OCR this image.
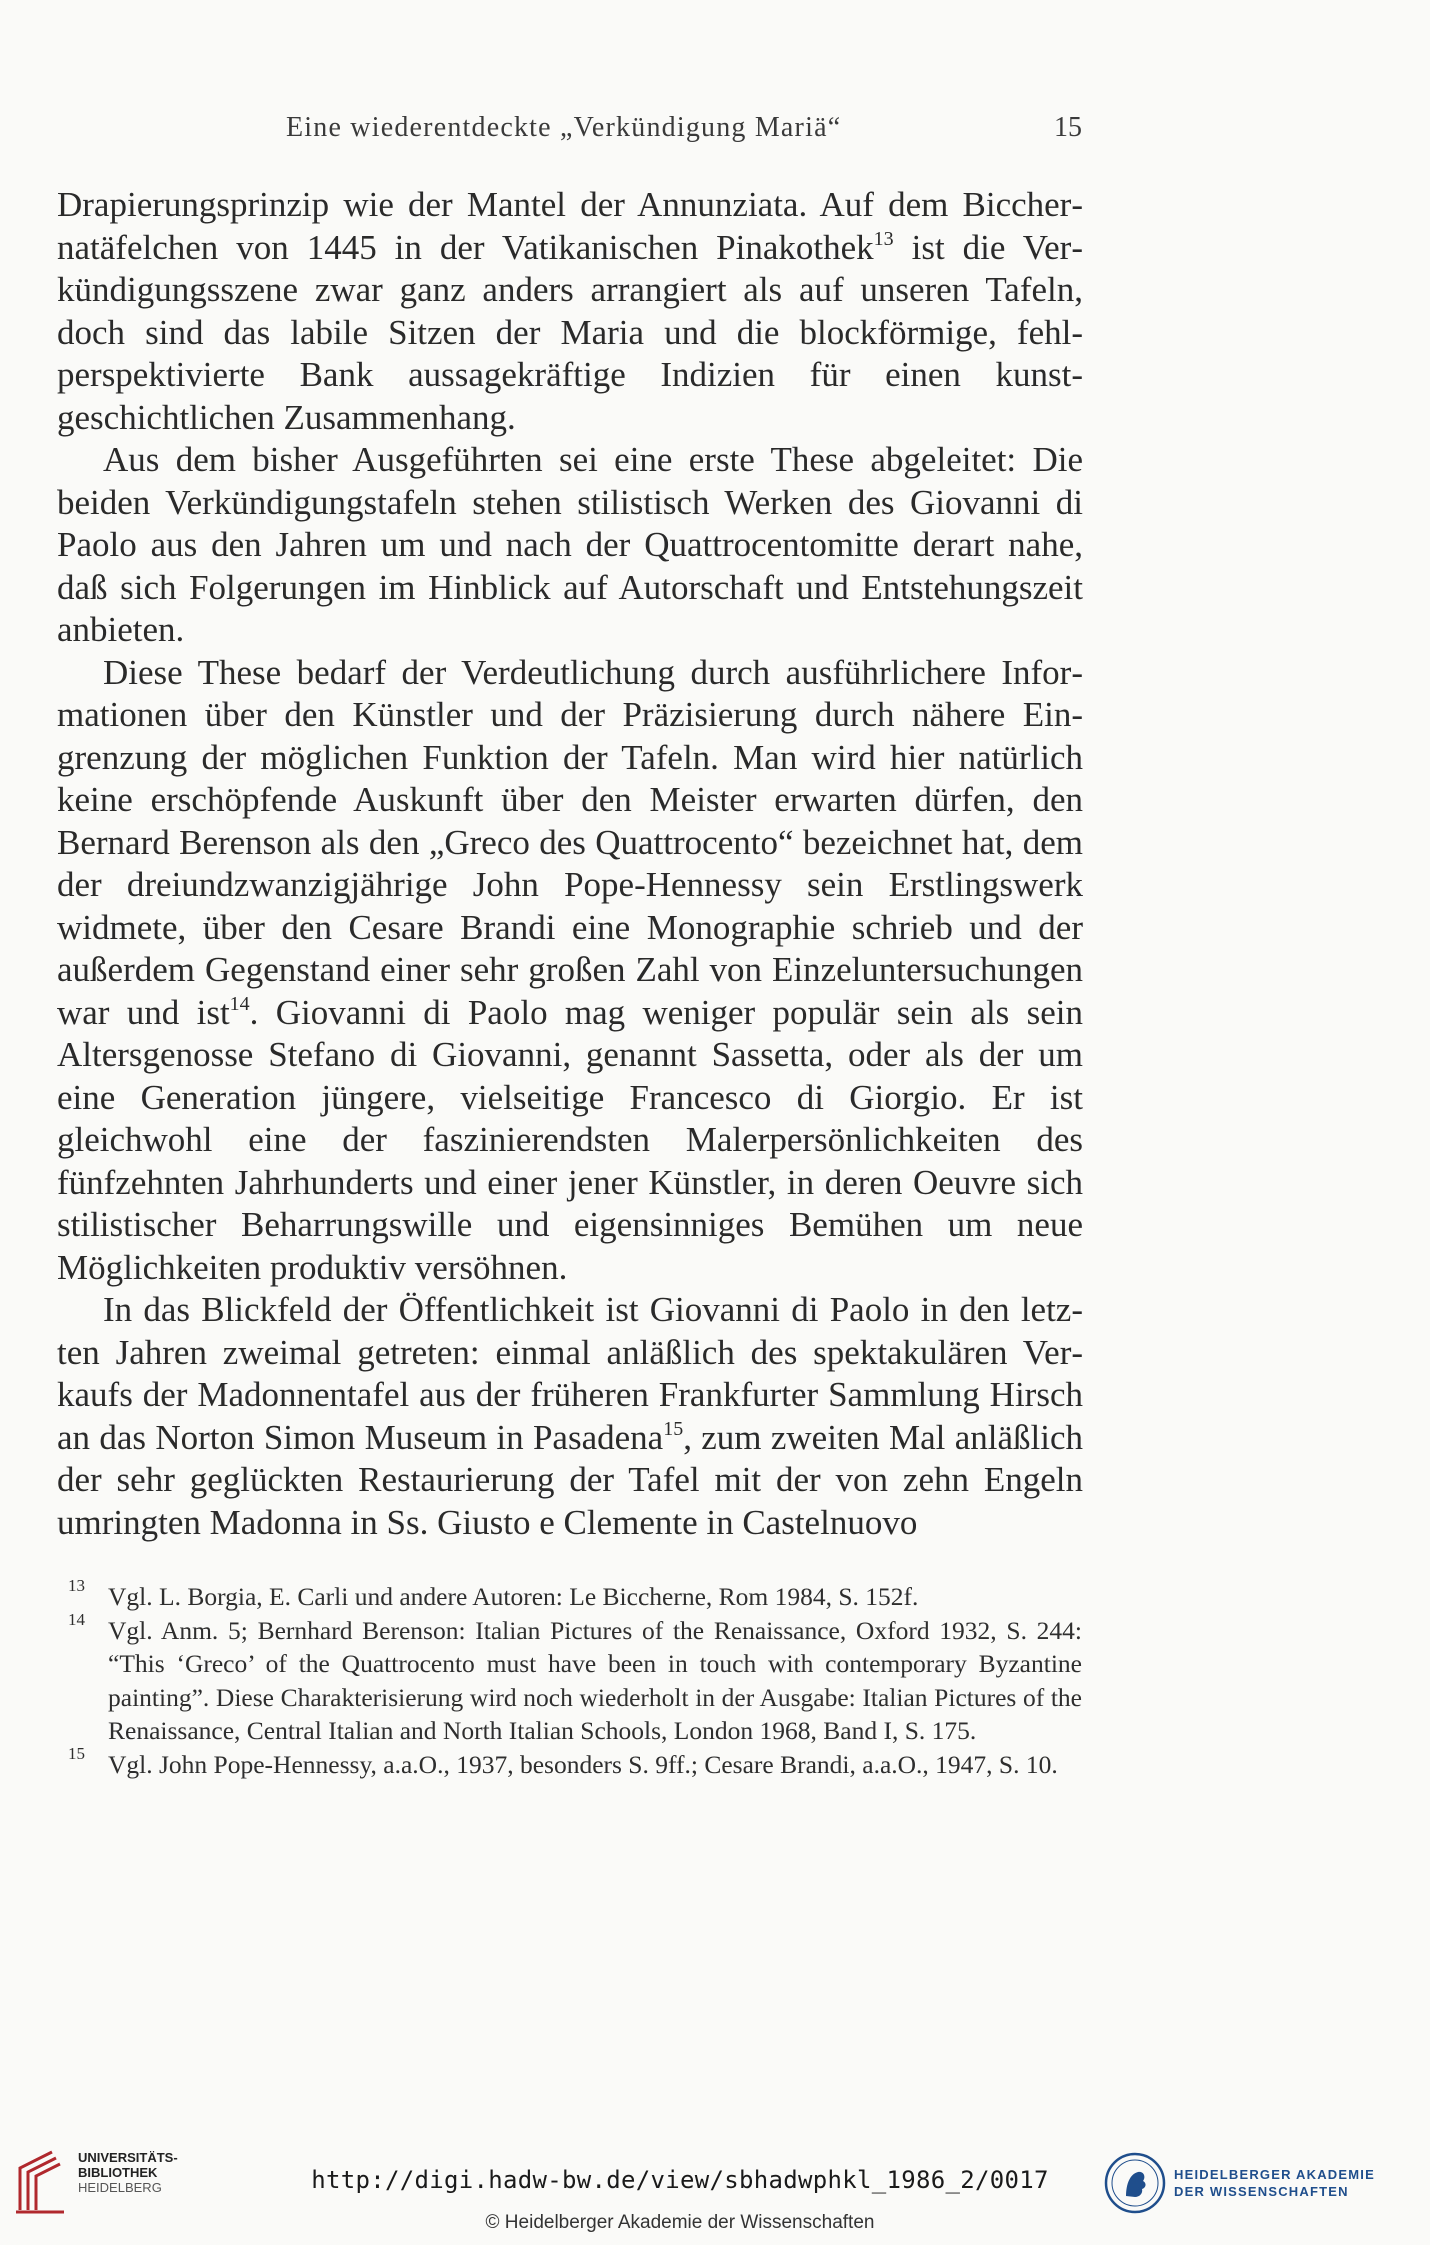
Eine wiederentdeckte „Verkündigung Mariä“	15

Drapierungsprinzip wie der Mantel der Annunziata. Auf dem Bicchernatäfelchen von 1445 in der Vatikanischen Pinakothek$^{13}$ ist die Verkündigungsszene zwar ganz anders arrangiert als auf unseren Tafeln, doch sind das labile Sitzen der Maria und die blockförmige, fehlperspektivierte Bank aussagekräftige Indizien für einen kunstgeschichtlichen Zusammenhang.

Aus dem bisher Ausgeführten sei eine erste These abgeleitet: Die beiden Verkündigungstafeln stehen stilistisch Werken des Giovanni di Paolo aus den Jahren um und nach der Quattrocentomitte derart nahe, daß sich Folgerungen im Hinblick auf Autorschaft und Entstehungszeit anbieten.

Diese These bedarf der Verdeutlichung durch ausführlichere Informationen über den Künstler und der Präzisierung durch nähere Eingrenzung der möglichen Funktion der Tafeln. Man wird hier natürlich keine erschöpfende Auskunft über den Meister erwarten dürfen, den Bernard Berenson als den „Greco des Quattrocento“ bezeichnet hat, dem der dreiundzwanzigjährige John Pope-Hennessy sein Erstlingswerk widmete, über den Cesare Brandi eine Monographie schrieb und der außerdem Gegenstand einer sehr großen Zahl von Einzeluntersuchungen war und ist$^{14}$. Giovanni di Paolo mag weniger populär sein als sein Altersgenosse Stefano di Giovanni, genannt Sassetta, oder als der um eine Generation jüngere, vielseitige Francesco di Giorgio. Er ist gleichwohl eine der faszinierendsten Malerpersönlichkeiten des fünfzehnten Jahrhunderts und einer jener Künstler, in deren Oeuvre sich stilistischer Beharrungswille und eigensinniges Bemühen um neue Möglichkeiten produktiv versöhnen.

In das Blickfeld der Öffentlichkeit ist Giovanni di Paolo in den letzten Jahren zweimal getreten: einmal anläßlich des spektakulären Verkaufs der Madonnentafel aus der früheren Frankfurter Sammlung Hirsch an das Norton Simon Museum in Pasadena$^{15}$, zum zweiten Mal anläßlich der sehr geglückten Restaurierung der Tafel mit der von zehn Engeln umringten Madonna in Ss. Giusto e Clemente in Castelnuovo

13 Vgl. L. Borgia, E. Carli und andere Autoren: Le Biccherne, Rom 1984, S. 152f.

14 Vgl. Anm. 5; Bernhard Berenson: Italian Pictures of the Renaissance, Oxford 1932, S. 244: “This ‘Greco’ of the Quattrocento must have been in touch with contemporary Byzantine painting”. Diese Charakterisierung wird noch wiederholt in der Ausgabe: Italian Pictures of the Renaissance, Central Italian and North Italian Schools, London 1968, Band I, S. 175.

15 Vgl. John Pope-Hennessy, a.a.O., 1937, besonders S. 9ff.; Cesare Brandi, a.a.O., 1947, S. 10.

UNIVERSITÄTS-
BIBLIOTHEK
HEIDELBERG	http://digi.hadw-bw.de/view/sbhadwphkl_1986_2/0017
© Heidelberger Akademie der Wissenschaften
HEIDELBERGER AKADEMIE
DER WISSENSCHAFTEN
